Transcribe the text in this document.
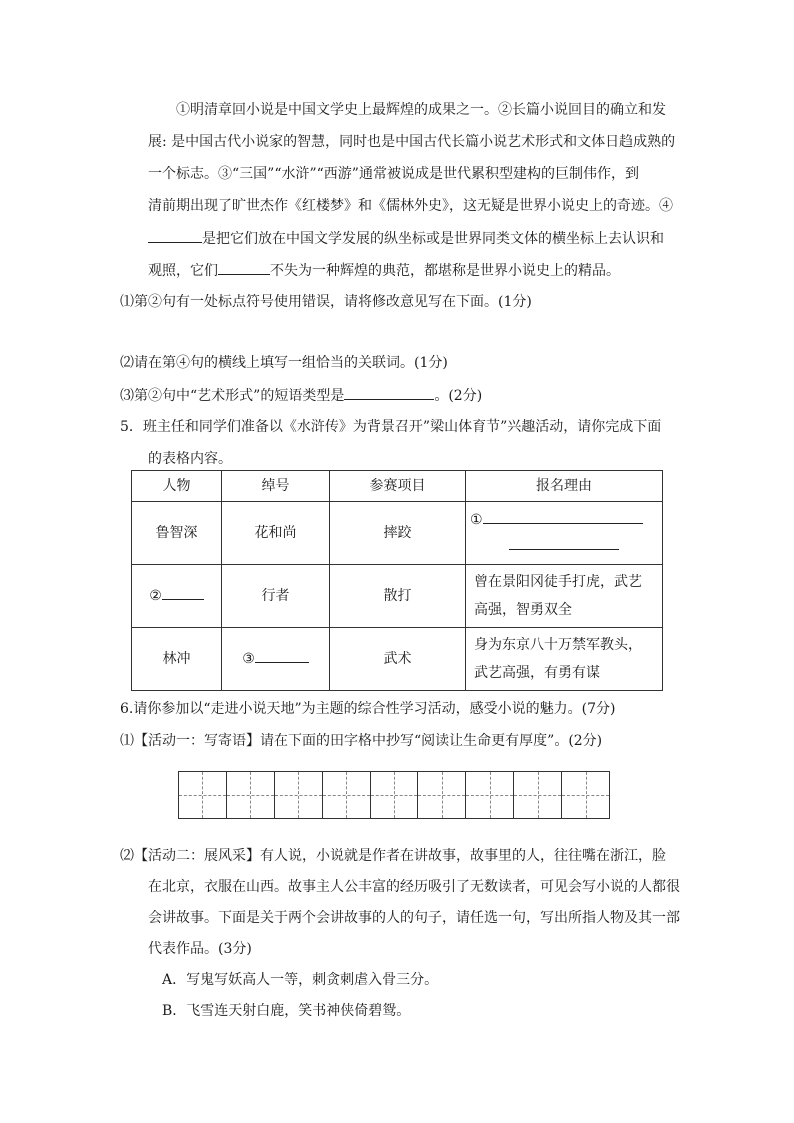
①明清章回小说是中国文学史上最辉煌的成果之一。②长篇小说回目的确立和发
展: 是中国古代小说家的智慧，同时也是中国古代长篇小说艺术形式和文体日趋成熟的
一个标志。③“三国”“水浒”“西游”通常被说成是世代累积型建构的巨制伟作，到
清前期出现了旷世杰作《红楼梦》和《儒林外史》，这无疑是世界小说史上的奇迹。④
是把它们放在中国文学发展的纵坐标或是世界同类文体的横坐标上去认识和
观照，它们	不失为一种辉煌的典范，都堪称是世界小说史上的精品。
⑴第②句有一处标点符号使用错误，请将修改意见写在下面。(1分)
⑵请在第④句的横线上填写一组恰当的关联词。(1分)
⑶第②句中“艺术形式”的短语类型是	。(2分)
5．班主任和同学们准备以《水浒传》为背景召开”梁山体育节”兴趣活动，请你完成下面
的表格内容。
人物	绰号	参赛项目	报名理由
鲁智深	花和尚	摔跤	①

②	行者	散打	曾在景阳冈徒手打虎，武艺高强，智勇双全
林冲	③	武术	身为东京八十万禁军教头，武艺高强，有勇有谋
6.请你参加以“走进小说天地”为主题的综合性学习活动，感受小说的魅力。(7分)
⑴【活动一：写寄语】请在下面的田字格中抄写“阅读让生命更有厚度”。(2分)
⑵【活动二：展风采】有人说，小说就是作者在讲故事，故事里的人，往往嘴在浙江，脸
在北京，衣服在山西。故事主人公丰富的经历吸引了无数读者，可见会写小说的人都很
会讲故事。下面是关于两个会讲故事的人的句子，请任选一句，写出所指人物及其一部
代表作品。(3分)
A．写鬼写妖高人一等，刺贪刺虐入骨三分。
B．飞雪连天射白鹿，笑书神侠倚碧鸳。
